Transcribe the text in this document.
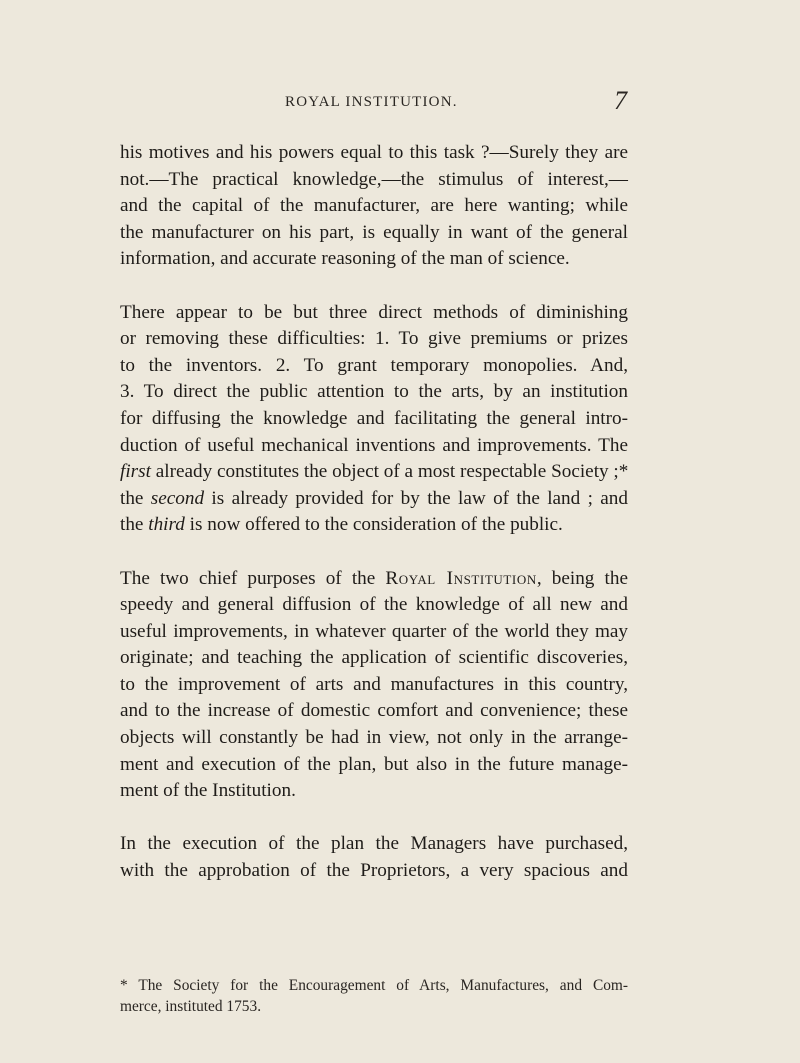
ROYAL INSTITUTION.	7

his motives and his powers equal to this task ?—Surely they are
not.—The practical knowledge,—the stimulus of interest,—
and the capital of the manufacturer, are here wanting; while
the manufacturer on his part, is equally in want of the general
information, and accurate reasoning of the man of science.

There appear to be but three direct methods of diminishing
or removing these difficulties: 1. To give premiums or prizes
to the inventors. 2. To grant temporary monopolies. And,
3. To direct the public attention to the arts, by an institution
for diffusing the knowledge and facilitating the general intro-
duction of useful mechanical inventions and improvements. The
first already constitutes the object of a most respectable Society ;*
the second is already provided for by the law of the land ; and
the third is now offered to the consideration of the public.

The two chief purposes of the Royal Institution, being the
speedy and general diffusion of the knowledge of all new and
useful improvements, in whatever quarter of the world they may
originate; and teaching the application of scientific discoveries,
to the improvement of arts and manufactures in this country,
and to the increase of domestic comfort and convenience; these
objects will constantly be had in view, not only in the arrange-
ment and execution of the plan, but also in the future manage-
ment of the Institution.

In the execution of the plan the Managers have purchased,
with the approbation of the Proprietors, a very spacious and

* The Society for the Encouragement of Arts, Manufactures, and Com-
merce, instituted 1753.
